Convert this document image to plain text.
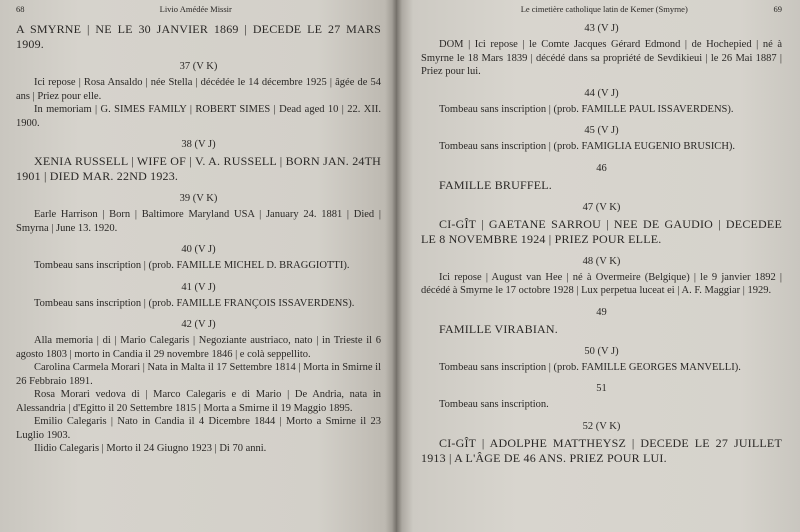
68	Livio Amédée Missir

A SMYRNE | NE LE 30 JANVIER 1869 | DECEDE LE 27 MARS 1909.

37 (V K)

Ici repose | Rosa Ansaldo | née Stella | décédée le 14 décembre 1925 | âgée de 54 ans | Priez pour elle.

In memoriam | G. SIMES FAMILY | ROBERT SIMES | Dead aged 10 | 22. XII. 1900.

38 (V J)

XENIA RUSSELL | WIFE OF | V. A. RUSSELL | BORN JAN. 24TH 1901 | DIED MAR. 22ND 1923.

39 (V K)

Earle Harrison | Born | Baltimore Maryland USA | January 24. 1881 | Died | Smyrna | June 13. 1920.

40 (V J)

Tombeau sans inscription | (prob. FAMILLE MICHEL D. BRAGGIOTTI).

41 (V J)

Tombeau sans inscription | (prob. FAMILLE FRANÇOIS ISSAVERDENS).

42 (V J)

Alla memoria | di | Mario Calegaris | Negoziante austriaco, nato | in Trieste il 6 agosto 1803 | morto in Candia il 29 novembre 1846 | e colà seppellito.

Carolina Carmela Morari | Nata in Malta il 17 Settembre 1814 | Morta in Smirne il 26 Febbraio 1891.

Rosa Morari vedova di | Marco Calegaris e di Mario | De Andria, nata in Alessandria | d'Egitto il 20 Settembre 1815 | Morta a Smirne il 19 Maggio 1895.

Emilio Calegaris | Nato in Candia il 4 Dicembre 1844 | Morto a Smirne il 23 Luglio 1903.

Ilidio Calegaris | Morto il 24 Giugno 1923 | Di 70 anni.

Le cimetière catholique latin de Kemer (Smyrne)	69
43 (V J)

DOM | Ici repose | le Comte Jacques Gérard Edmond | de Hochepied | né à Smyrne le 18 Mars 1839 | décédé dans sa propriété de Sevdikieui | le 26 Mai 1887 | Priez pour lui.

44 (V J)

Tombeau sans inscription | (prob. FAMILLE PAUL ISSAVERDENS).

45 (V J)

Tombeau sans inscription | (prob. FAMIGLIA EUGENIO BRUSICH).

46

FAMILLE BRUFFEL.

47 (V K)

CI-GÎT | GAETANE SARROU | NEE DE GAUDIO | DECEDEE LE 8 NOVEMBRE 1924 | PRIEZ POUR ELLE.

48 (V K)

Ici repose | August van Hee | né à Overmeire (Belgique) | le 9 janvier 1892 | décédé à Smyrne le 17 octobre 1928 | Lux perpetua luceat ei | A. F. Maggiar | 1929.

49

FAMILLE VIRABIAN.

50 (V J)

Tombeau sans inscription | (prob. FAMILLE GEORGES MANVELLI).

51

Tombeau sans inscription.

52 (V K)

CI-GÎT | ADOLPHE MATTHEYSZ | DECEDE LE 27 JUILLET 1913 | A L'ÂGE DE 46 ANS. PRIEZ POUR LUI.
